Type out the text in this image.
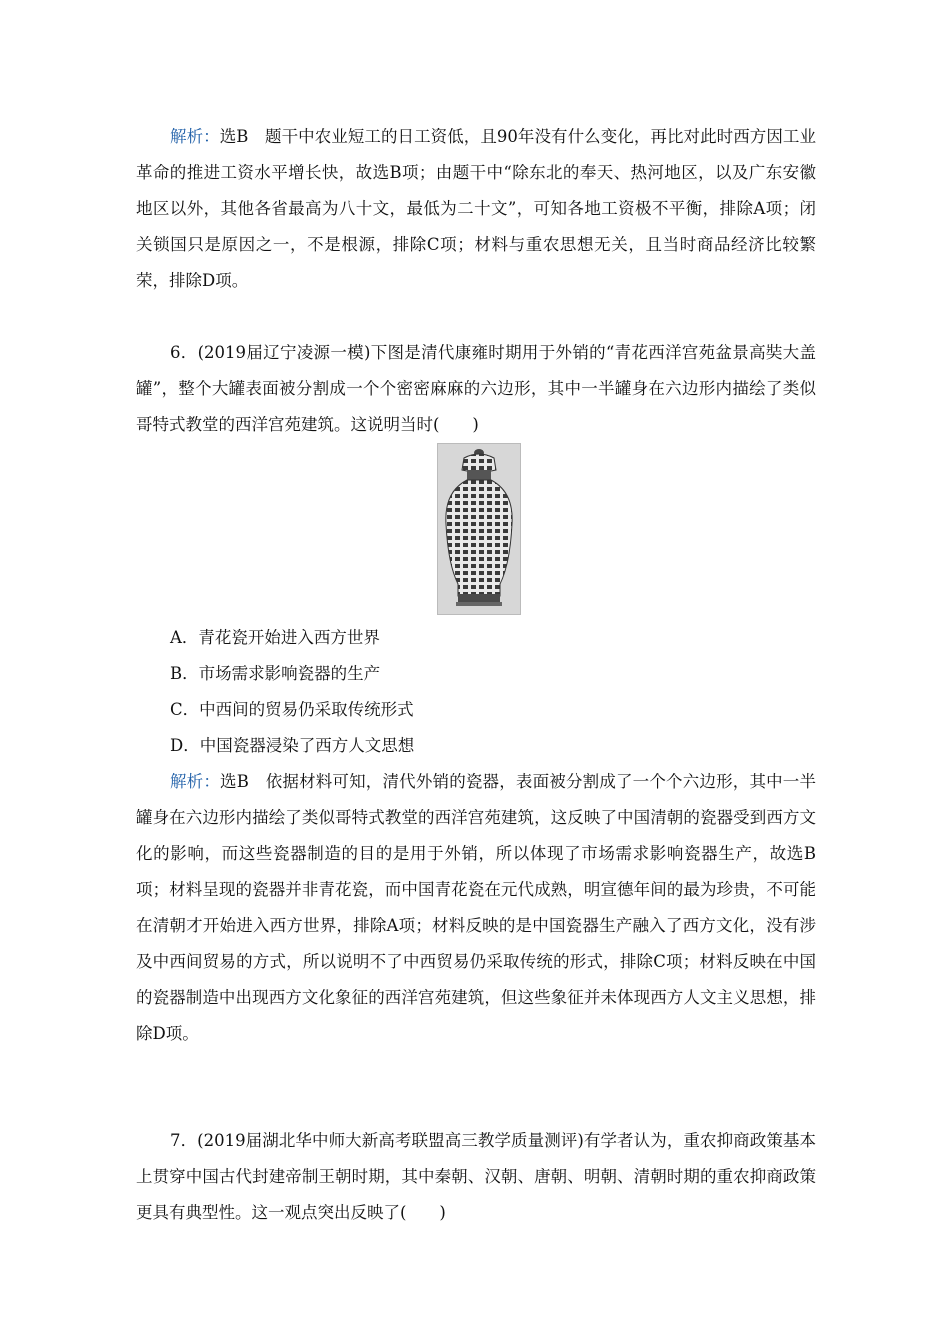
解析：选B　题干中农业短工的日工资低，且90年没有什么变化，再比对此时西方因工业革命的推进工资水平增长快，故选B项；由题干中“除东北的奉天、热河地区，以及广东安徽地区以外，其他各省最高为八十文，最低为二十文”，可知各地工资极不平衡，排除A项；闭关锁国只是原因之一，不是根源，排除C项；材料与重农思想无关，且当时商品经济比较繁荣，排除D项。

6．(2019届辽宁凌源一模)下图是清代康雍时期用于外销的“青花西洋宫苑盆景高奘大盖罐”，整个大罐表面被分割成一个个密密麻麻的六边形，其中一半罐身在六边形内描绘了类似哥特式教堂的西洋宫苑建筑。这说明当时(　　)

A．青花瓷开始进入西方世界

B．市场需求影响瓷器的生产

C．中西间的贸易仍采取传统形式

D．中国瓷器浸染了西方人文思想

解析：选B　依据材料可知，清代外销的瓷器，表面被分割成了一个个六边形，其中一半罐身在六边形内描绘了类似哥特式教堂的西洋宫苑建筑，这反映了中国清朝的瓷器受到西方文化的影响，而这些瓷器制造的目的是用于外销，所以体现了市场需求影响瓷器生产，故选B项；材料呈现的瓷器并非青花瓷，而中国青花瓷在元代成熟，明宣德年间的最为珍贵，不可能在清朝才开始进入西方世界，排除A项；材料反映的是中国瓷器生产融入了西方文化，没有涉及中西间贸易的方式，所以说明不了中西贸易仍采取传统的形式，排除C项；材料反映在中国的瓷器制造中出现西方文化象征的西洋宫苑建筑，但这些象征并未体现西方人文主义思想，排除D项。

7．(2019届湖北华中师大新高考联盟高三教学质量测评)有学者认为，重农抑商政策基本上贯穿中国古代封建帝制王朝时期，其中秦朝、汉朝、唐朝、明朝、清朝时期的重农抑商政策更具有典型性。这一观点突出反映了(　　)
